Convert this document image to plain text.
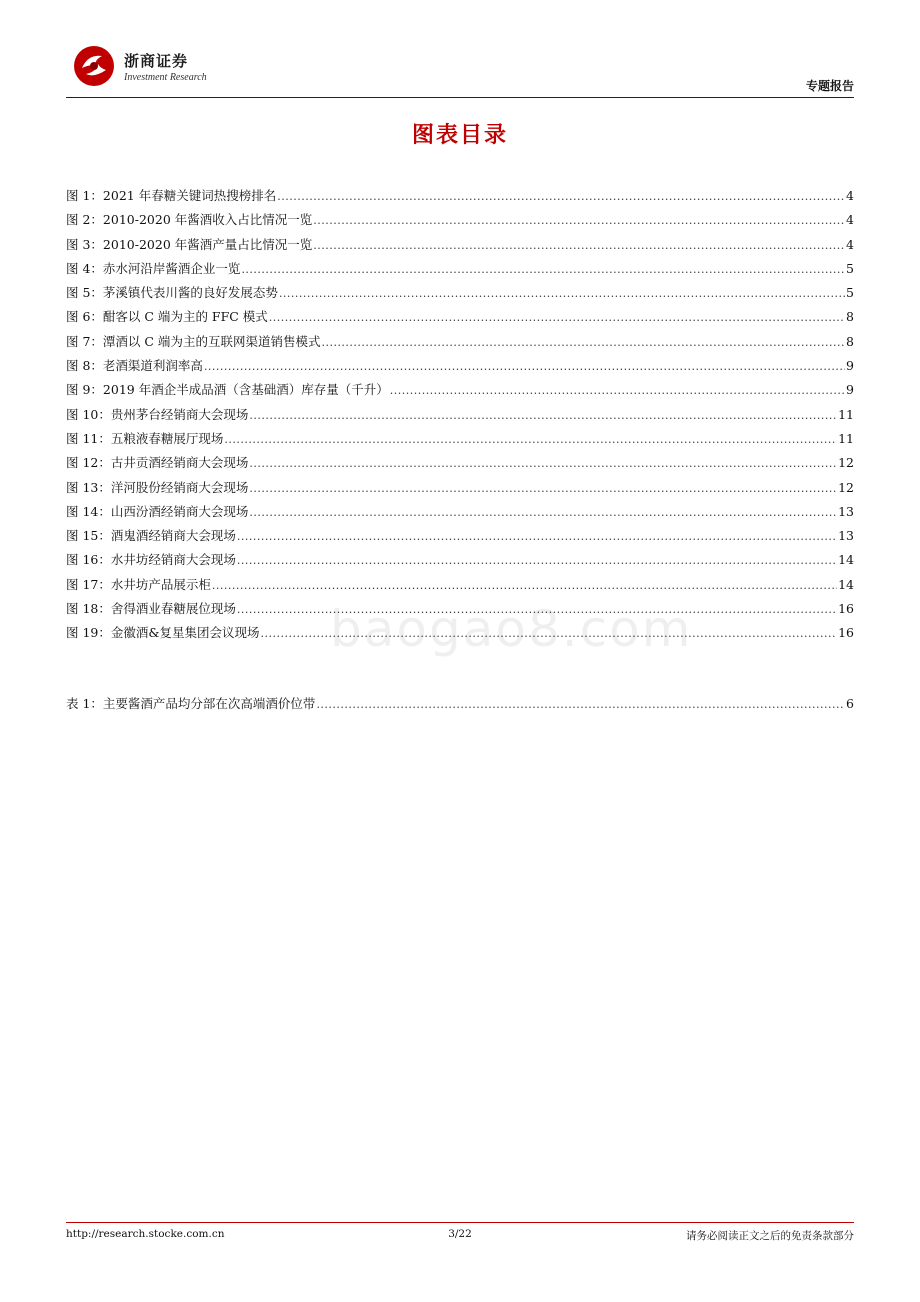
浙商证券
Investment Research
专题报告
图表目录
图 1：2021 年春糖关键词热搜榜排名 .....	4
图 2：2010-2020 年酱酒收入占比情况一览 .....	4
图 3：2010-2020 年酱酒产量占比情况一览 .....	4
图 4：赤水河沿岸酱酒企业一览 .....	5
图 5：茅溪镇代表川酱的良好发展态势 .....	5
图 6：酣客以 C 端为主的 FFC 模式 .....	8
图 7：潭酒以 C 端为主的互联网渠道销售模式 .....	8
图 8：老酒渠道利润率高 .....	9
图 9：2019 年酒企半成品酒（含基础酒）库存量（千升） .....	9
图 10：贵州茅台经销商大会现场 .....	11
图 11：五粮液春糖展厅现场 .....	11
图 12：古井贡酒经销商大会现场 .....	12
图 13：洋河股份经销商大会现场 .....	12
图 14：山西汾酒经销商大会现场 .....	13
图 15：酒鬼酒经销商大会现场 .....	13
图 16：水井坊经销商大会现场 .....	14
图 17：水井坊产品展示柜 .....	14
图 18：舍得酒业春糖展位现场 .....	16
图 19：金徽酒&复星集团会议现场 .....	16
表 1：主要酱酒产品均分部在次高端酒价位带 .....	6
baogao8.com
http://research.stocke.com.cn	3/22	请务必阅读正文之后的免责条款部分
